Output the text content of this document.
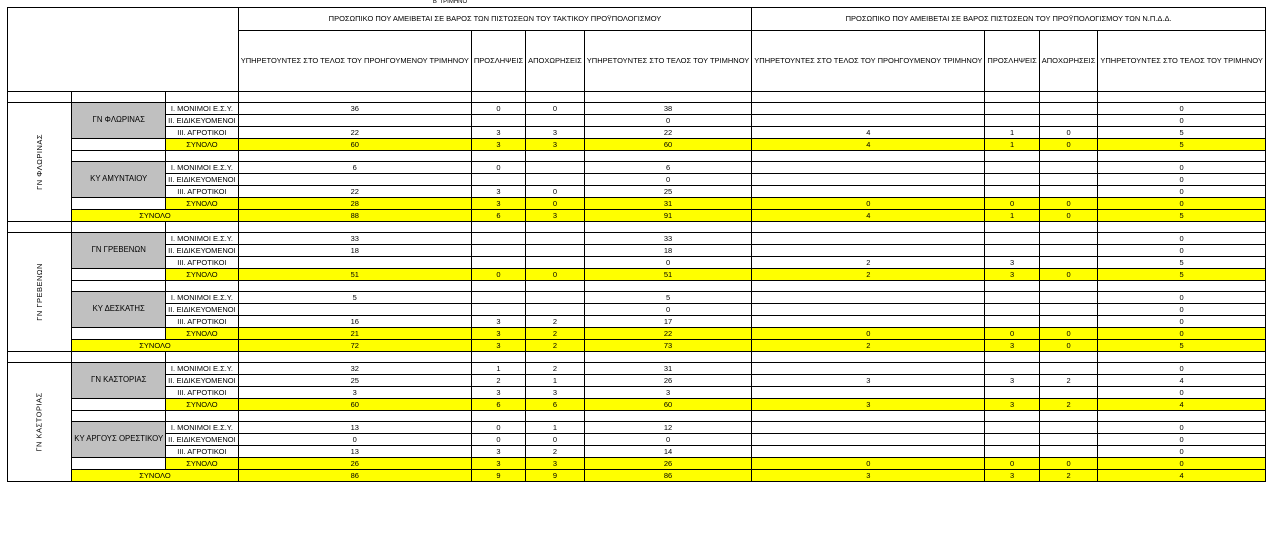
Β' ΤΡΙΜΗΝΟ
			ΠΡΟΣΩΠΙΚΟ ΠΟΥ ΑΜΕΙΒΕΤΑΙ ΣΕ ΒΑΡΟΣ ΤΩΝ ΠΙΣΤΩΣΕΩΝ ΤΟΥ ΤΑΚΤΙΚΟΥ ΠΡΟΫΠΟΛΟΓΙΣΜΟΥ				ΠΡΟΣΩΠΙΚΟ ΠΟΥ ΑΜΕΙΒΕΤΑΙ ΣΕ ΒΑΡΟΣ ΠΙΣΤΩΣΕΩΝ ΤΟΥ ΠΡΟΫΠΟΛΟΓΙΣΜΟΥ ΤΩΝ Ν.Π.Δ.Δ.			
			ΥΠΗΡΕΤΟΥΝΤΕΣ ΣΤΟ ΤΕΛΟΣ ΤΟΥ ΠΡΟΗΓΟΥΜΕΝΟΥ ΤΡΙΜΗΝΟΥ	ΠΡΟΣΛΗΨΕΙΣ	ΑΠΟΧΩΡΗΣΕΙΣ	ΥΠΗΡΕΤΟΥΝΤΕΣ ΣΤΟ ΤΕΛΟΣ ΤΟΥ ΤΡΙΜΗΝΟΥ	ΥΠΗΡΕΤΟΥΝΤΕΣ ΣΤΟ ΤΕΛΟΣ ΤΟΥ ΠΡΟΗΓΟΥΜΕΝΟΥ ΤΡΙΜΗΝΟΥ	ΠΡΟΣΛΗΨΕΙΣ	ΑΠΟΧΩΡΗΣΕΙΣ	ΥΠΗΡΕΤΟΥΝΤΕΣ ΣΤΟ ΤΕΛΟΣ ΤΟΥ ΤΡΙΜΗΝΟΥ

ΓΝ ΦΛΩΡΙΝΑΣ	ΓΝ ΦΛΩΡΙΝΑΣ	Ι. ΜΟΝΙΜΟΙ Ε.Σ.Υ.	36	0	0	38				0
		ΙΙ. ΕΙΔΙΚΕΥΟΜΕΝΟΙ				0				0
		ΙΙΙ. ΑΓΡΟΤΙΚΟΙ	22	3	3	22	4	1	0	5
		ΣΥΝΟΛΟ	60	3	3	60	4	1	0	5

	ΚΥ ΑΜΥΝΤΑΙΟΥ	Ι. ΜΟΝΙΜΟΙ Ε.Σ.Υ.	6	0		6				0
		ΙΙ. ΕΙΔΙΚΕΥΟΜΕΝΟΙ				0				0
		ΙΙΙ. ΑΓΡΟΤΙΚΟΙ	22	3	0	25				0
		ΣΥΝΟΛΟ	28	3	0	31	0	0	0	0
	ΣΥΝΟΛΟ		88	6	3	91	4	1	0	5

ΓΝ ΓΡΕΒΕΝΩΝ	ΓΝ ΓΡΕΒΕΝΩΝ	Ι. ΜΟΝΙΜΟΙ Ε.Σ.Υ.	33			33				0
		ΙΙ. ΕΙΔΙΚΕΥΟΜΕΝΟΙ	18			18				0
		ΙΙΙ. ΑΓΡΟΤΙΚΟΙ				0	2	3		5
		ΣΥΝΟΛΟ	51	0	0	51	2	3	0	5

	ΚΥ ΔΕΣΚΑΤΗΣ	Ι. ΜΟΝΙΜΟΙ Ε.Σ.Υ.	5			5				0
		ΙΙ. ΕΙΔΙΚΕΥΟΜΕΝΟΙ				0				0
		ΙΙΙ. ΑΓΡΟΤΙΚΟΙ	16	3	2	17				0
		ΣΥΝΟΛΟ	21	3	2	22	0	0	0	0
	ΣΥΝΟΛΟ		72	3	2	73	2	3	0	5

ΓΝ ΚΑΣΤΟΡΙΑΣ	ΓΝ ΚΑΣΤΟΡΙΑΣ	Ι. ΜΟΝΙΜΟΙ Ε.Σ.Υ.	32	1	2	31				0
		ΙΙ. ΕΙΔΙΚΕΥΟΜΕΝΟΙ	25	2	1	26	3	3	2	4
		ΙΙΙ. ΑΓΡΟΤΙΚΟΙ	3	3	3	3				0
		ΣΥΝΟΛΟ	60	6	6	60	3	3	2	4

	ΚΥ ΑΡΓΟΥΣ ΟΡΕΣΤΙΚΟΥ	Ι. ΜΟΝΙΜΟΙ Ε.Σ.Υ.	13	0	1	12				0
		ΙΙ. ΕΙΔΙΚΕΥΟΜΕΝΟΙ	0	0	0	0				0
		ΙΙΙ. ΑΓΡΟΤΙΚΟΙ	13	3	2	14				0
		ΣΥΝΟΛΟ	26	3	3	26	0	0	0	0
	ΣΥΝΟΛΟ		86	9	9	86	3	3	2	4
